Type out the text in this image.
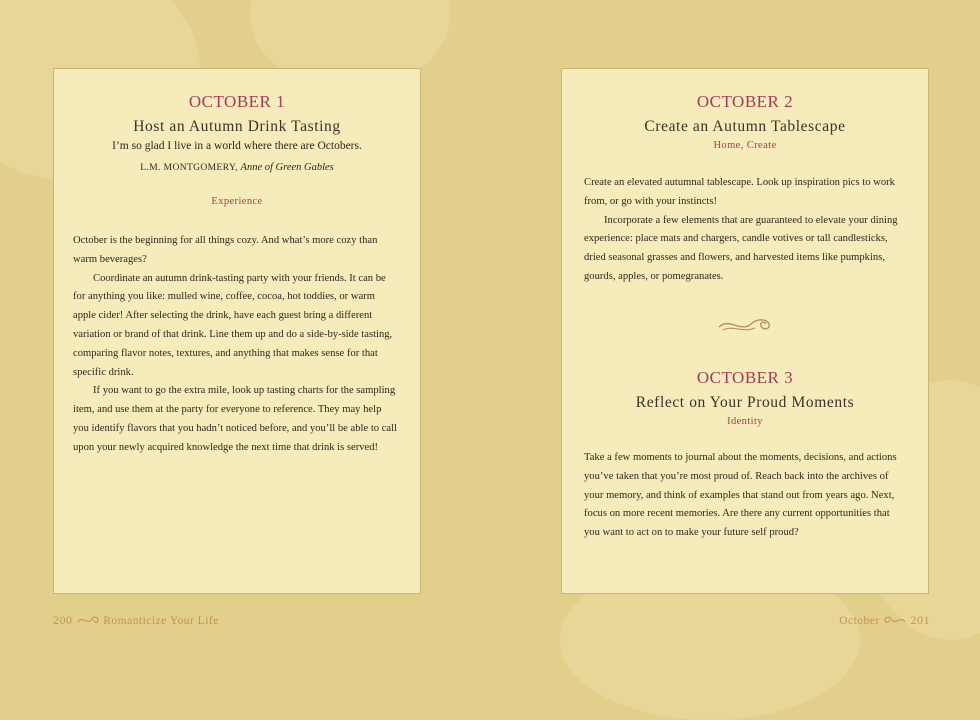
OCTOBER 1

Host an Autumn Drink Tasting

I’m so glad I live in a world where there are Octobers.

L.M. MONTGOMERY, Anne of Green Gables

Experience

October is the beginning for all things cozy. And what’s more cozy than warm beverages?

Coordinate an autumn drink-tasting party with your friends. It can be for anything you like: mulled wine, coffee, cocoa, hot toddies, or warm apple cider! After selecting the drink, have each guest bring a different variation or brand of that drink. Line them up and do a side-by-side tasting, comparing flavor notes, textures, and anything that makes sense for that specific drink.

If you want to go the extra mile, look up tasting charts for the sampling item, and use them at the party for everyone to reference. They may help you identify flavors that you hadn’t noticed before, and you’ll be able to call upon your newly acquired knowledge the next time that drink is served!

OCTOBER 2

Create an Autumn Tablescape

Home, Create

Create an elevated autumnal tablescape. Look up inspiration pics to work from, or go with your instincts!

Incorporate a few elements that are guaranteed to elevate your dining experience: place mats and chargers, candle votives or tall candlesticks, dried seasonal grasses and flowers, and harvested items like pumpkins, gourds, apples, or pomegranates.

OCTOBER 3

Reflect on Your Proud Moments

Identity

Take a few moments to journal about the moments, decisions, and actions you’ve taken that you’re most proud of. Reach back into the archives of your memory, and think of examples that stand out from years ago. Next, focus on more recent memories. Are there any current opportunities that you want to act on to make your future self proud?

200	Romanticize Your Life	October	201
